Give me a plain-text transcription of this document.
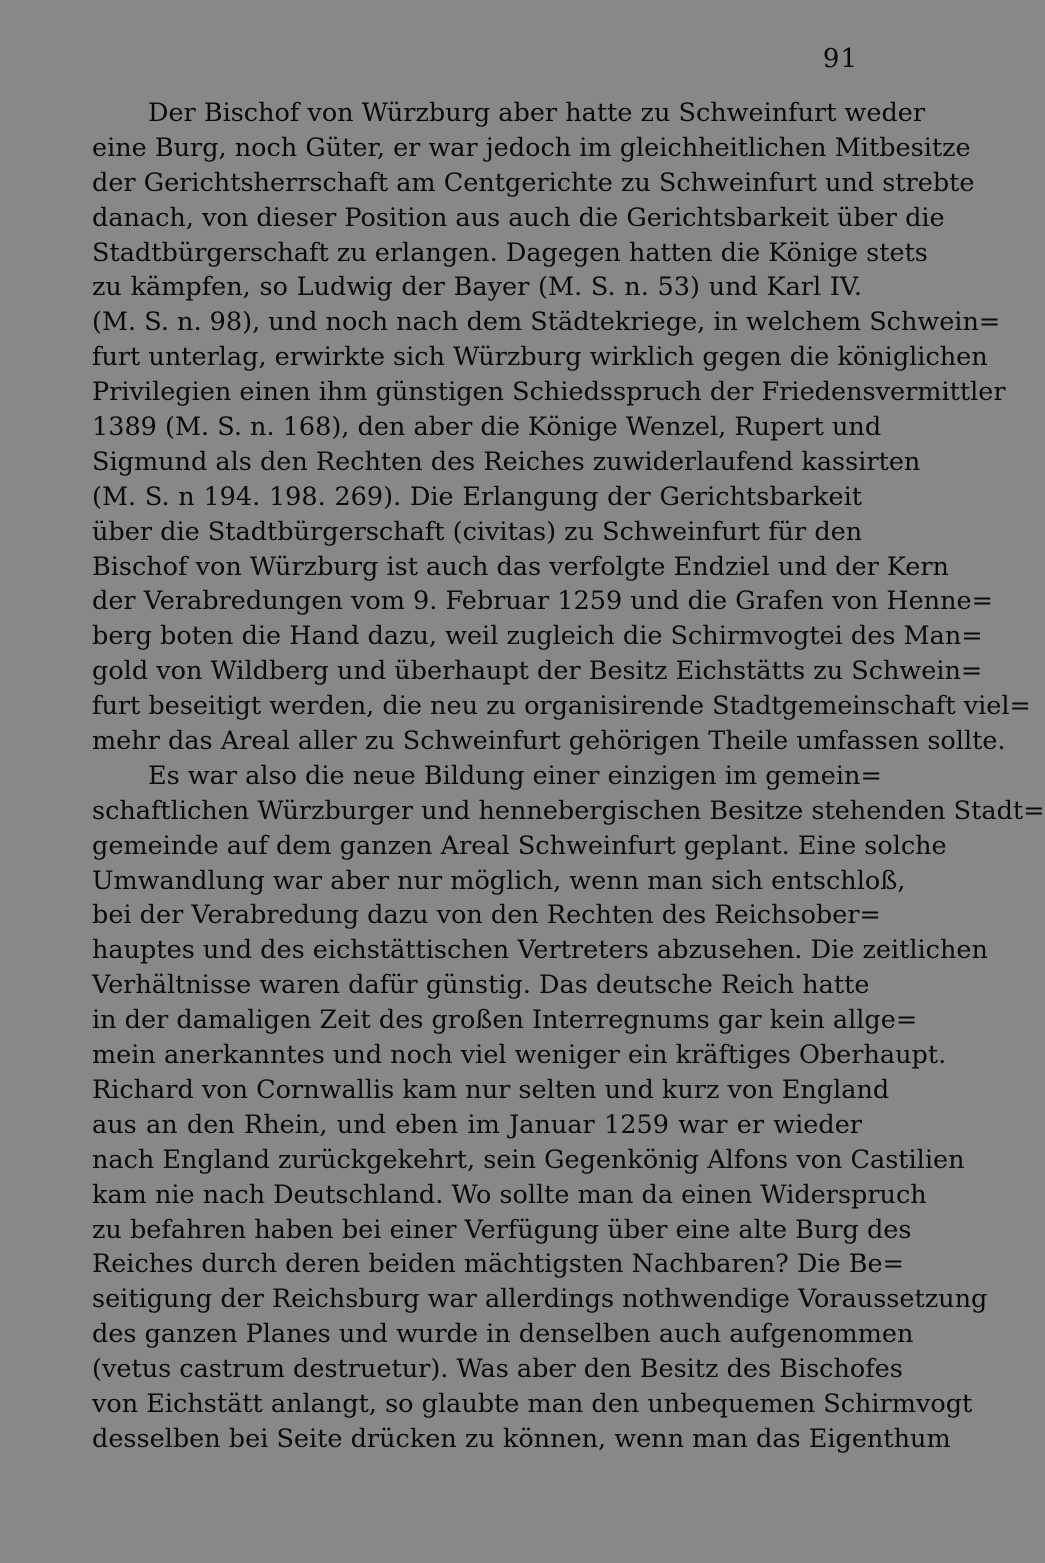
91
Der Bischof von Würzburg aber hatte zu Schweinfurt weder
eine Burg, noch Güter, er war jedoch im gleichheitlichen Mitbesitze
der Gerichtsherrschaft am Centgerichte zu Schweinfurt und strebte
danach, von dieser Position aus auch die Gerichtsbarkeit über die
Stadtbürgerschaft zu erlangen. Dagegen hatten die Könige stets
zu kämpfen, so Ludwig der Bayer (M. S. n. 53) und Karl IV.
(M. S. n. 98), und noch nach dem Städtekriege, in welchem Schwein=
furt unterlag, erwirkte sich Würzburg wirklich gegen die königlichen
Privilegien einen ihm günstigen Schiedsspruch der Friedensvermittler
1389 (M. S. n. 168), den aber die Könige Wenzel, Rupert und
Sigmund als den Rechten des Reiches zuwiderlaufend kassirten
(M. S. n 194. 198. 269). Die Erlangung der Gerichtsbarkeit
über die Stadtbürgerschaft (civitas) zu Schweinfurt für den
Bischof von Würzburg ist auch das verfolgte Endziel und der Kern
der Verabredungen vom 9. Februar 1259 und die Grafen von Henne=
berg boten die Hand dazu, weil zugleich die Schirmvogtei des Man=
gold von Wildberg und überhaupt der Besitz Eichstätts zu Schwein=
furt beseitigt werden, die neu zu organisirende Stadtgemeinschaft viel=
mehr das Areal aller zu Schweinfurt gehörigen Theile umfassen sollte.
Es war also die neue Bildung einer einzigen im gemein=
schaftlichen Würzburger und hennebergischen Besitze stehenden Stadt=
gemeinde auf dem ganzen Areal Schweinfurt geplant. Eine solche
Umwandlung war aber nur möglich, wenn man sich entschloß,
bei der Verabredung dazu von den Rechten des Reichsober=
hauptes und des eichstättischen Vertreters abzusehen. Die zeitlichen
Verhältnisse waren dafür günstig. Das deutsche Reich hatte
in der damaligen Zeit des großen Interregnums gar kein allge=
mein anerkanntes und noch viel weniger ein kräftiges Oberhaupt.
Richard von Cornwallis kam nur selten und kurz von England
aus an den Rhein, und eben im Januar 1259 war er wieder
nach England zurückgekehrt, sein Gegenkönig Alfons von Castilien
kam nie nach Deutschland. Wo sollte man da einen Widerspruch
zu befahren haben bei einer Verfügung über eine alte Burg des
Reiches durch deren beiden mächtigsten Nachbaren? Die Be=
seitigung der Reichsburg war allerdings nothwendige Voraussetzung
des ganzen Planes und wurde in denselben auch aufgenommen
(vetus castrum destruetur). Was aber den Besitz des Bischofes
von Eichstätt anlangt, so glaubte man den unbequemen Schirmvogt
desselben bei Seite drücken zu können, wenn man das Eigenthum
